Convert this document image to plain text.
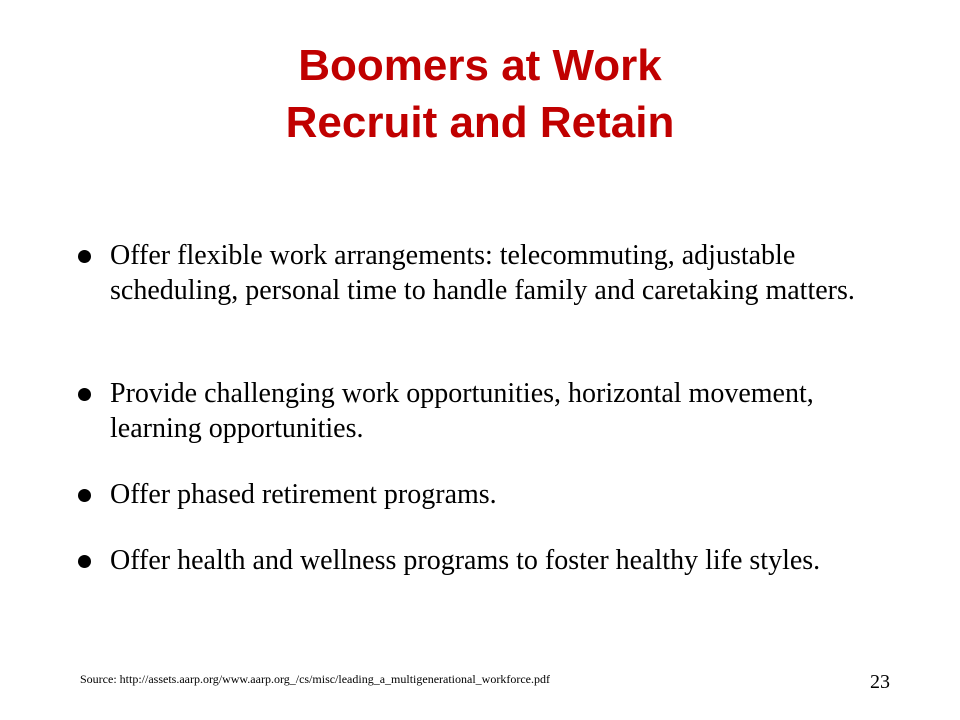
Boomers at Work
Recruit and Retain
Offer flexible work arrangements: telecommuting, adjustable scheduling, personal time to handle family and caretaking matters.
Provide challenging work opportunities, horizontal movement, learning opportunities.
Offer phased retirement programs.
Offer health and wellness programs to foster healthy life styles.
Source: http://assets.aarp.org/www.aarp.org_/cs/misc/leading_a_multigenerational_workforce.pdf	23
